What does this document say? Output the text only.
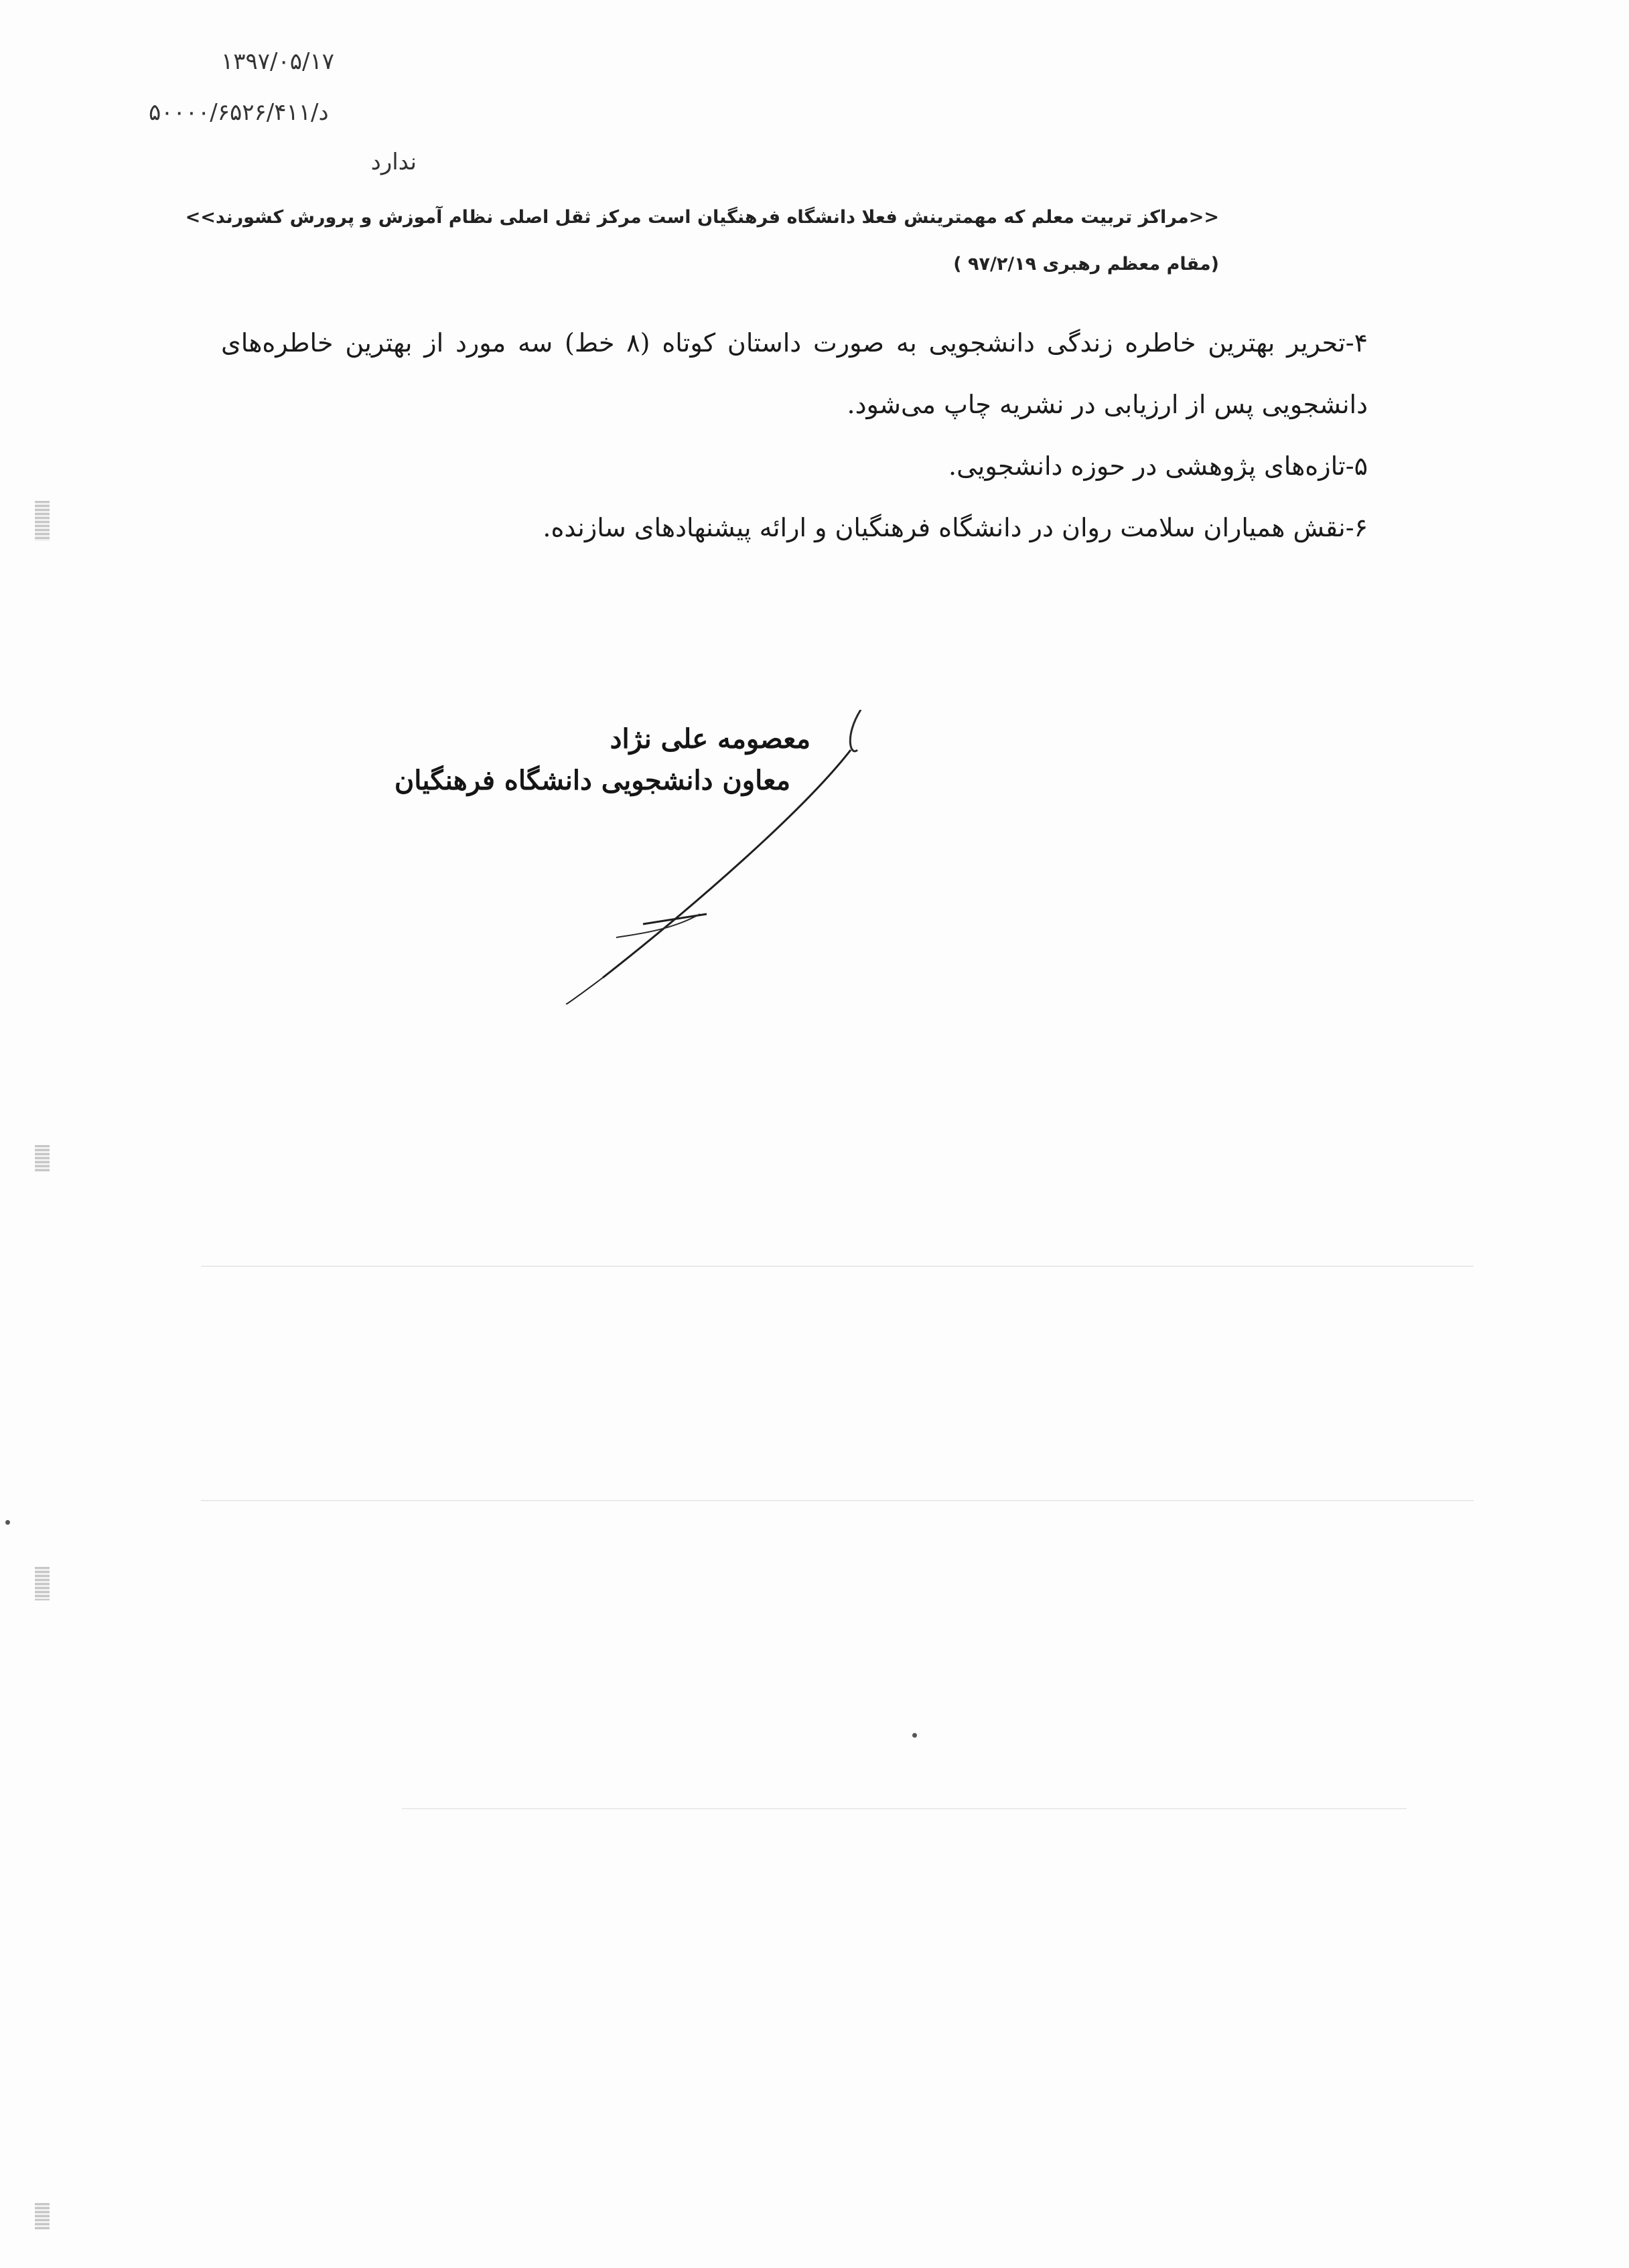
۱۳۹۷/۰۵/۱۷
۵۰۰۰۰/۶۵۲۶/۴۱۱/د
ندارد
<<مراکز تربیت معلم که مهمترینش فعلا دانشگاه فرهنگیان است مرکز ثقل اصلی نظام آموزش و پرورش کشورند>>
(مقام معظم رهبری ۹۷/۲/۱۹ )

۴-تحریر بهترین خاطره زندگی دانشجویی به صورت داستان کوتاه (۸ خط) سه مورد از بهترین خاطره‌های دانشجویی پس از ارزیابی در نشریه چاپ می‌شود.

۵-تازه‌های پژوهشی در حوزه دانشجویی.

۶-نقش همیاران سلامت روان در دانشگاه فرهنگیان و ارائه پیشنهادهای سازنده.

معصومه علی نژاد
معاون دانشجویی دانشگاه فرهنگیان
